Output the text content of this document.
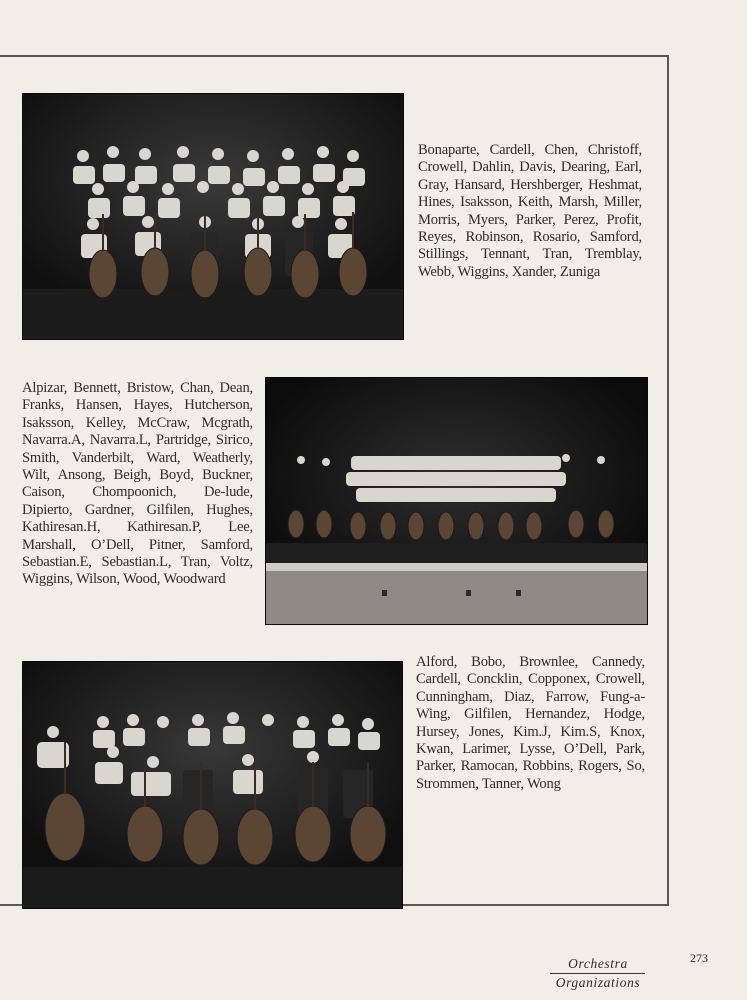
Bonaparte, Cardell, Chen, Christoff, Crowell, Dahlin, Davis, Dearing, Earl, Gray, Hansard, Hershberger, Heshmat, Hines, Isaksson, Keith, Marsh, Miller, Morris, Myers, Parker, Perez, Profit, Reyes, Robinson, Rosario, Samford, Stillings, Tennant, Tran, Tremblay, Webb, Wiggins, Xander, Zuniga

Alpizar, Bennett, Bristow, Chan, Dean, Franks, Hansen, Hayes, Hutcherson, Isaksson, Kelley, McCraw, Mcgrath, Navarra.A, Navarra.L, Partridge, Sirico, Smith, Vanderbilt, Ward, Weatherly, Wilt, Ansong, Beigh, Boyd, Buckner, Caison, Chompoonich, De-lude, Dipierto, Gardner, Gilfilen, Hughes, Kathiresan.H, Kathiresan.P, Lee, Marshall, O’Dell, Pitner, Samford, Sebastian.E, Sebastian.L, Tran, Voltz, Wiggins, Wilson, Wood, Woodward

Alford, Bobo, Brownlee, Cannedy, Cardell, Concklin, Copponex, Crowell, Cunningham, Diaz, Farrow, Fung-a-Wing, Gilfilen, Hernandez, Hodge, Hursey, Jones, Kim.J, Kim.S, Knox, Kwan, Larimer, Lysse, O’Dell, Park, Parker, Ramocan, Robbins, Rogers, So, Strommen, Tanner, Wong

Orchestra
Organizations
273
